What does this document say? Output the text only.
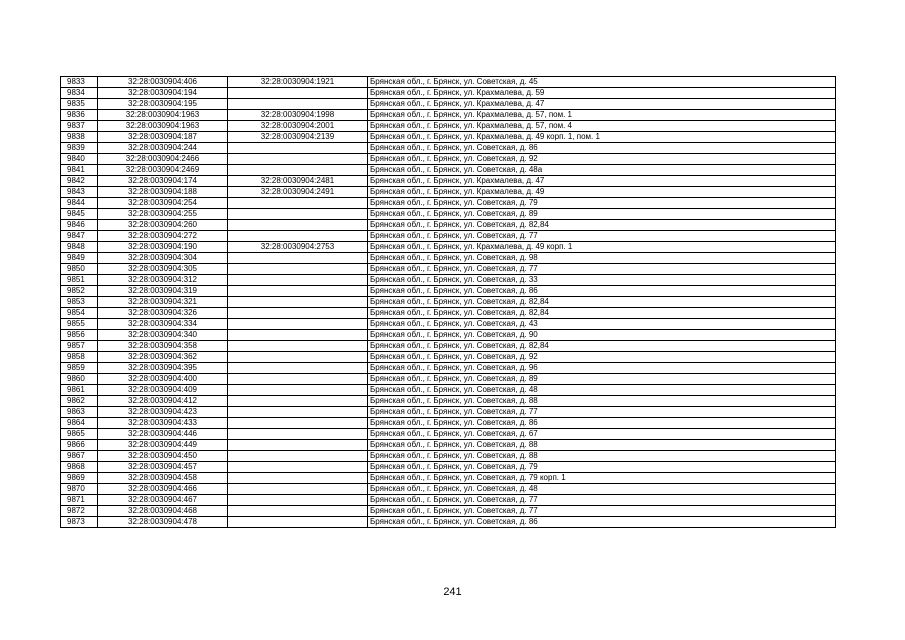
9833	32:28:0030904:406	32:28:0030904:1921	Брянская обл., г. Брянск, ул. Советская, д. 45
9834	32:28:0030904:194		Брянская обл., г. Брянск, ул. Крахмалева, д. 59
9835	32:28:0030904:195		Брянская обл., г. Брянск, ул. Крахмалева, д. 47
9836	32:28:0030904:1963	32:28:0030904:1998	Брянская обл., г. Брянск, ул. Крахмалева, д. 57, пом. 1
9837	32:28:0030904:1963	32:28:0030904:2001	Брянская обл., г. Брянск, ул. Крахмалева, д. 57, пом. 4
9838	32:28:0030904:187	32:28:0030904:2139	Брянская обл., г. Брянск, ул. Крахмалева, д. 49 корп. 1, пом. 1
9839	32:28:0030904:244		Брянская обл., г. Брянск, ул. Советская, д. 86
9840	32:28:0030904:2466		Брянская обл., г. Брянск, ул. Советская, д. 92
9841	32:28:0030904:2469		Брянская обл., г. Брянск, ул. Советская, д. 48а
9842	32:28:0030904:174	32:28:0030904:2481	Брянская обл., г. Брянск, ул. Крахмалева, д. 47
9843	32:28:0030904:188	32:28:0030904:2491	Брянская обл., г. Брянск, ул. Крахмалева, д. 49
9844	32:28:0030904:254		Брянская обл., г. Брянск, ул. Советская, д. 79
9845	32:28:0030904:255		Брянская обл., г. Брянск, ул. Советская, д. 89
9846	32:28:0030904:260		Брянская обл., г. Брянск, ул. Советская, д. 82,84
9847	32:28:0030904:272		Брянская обл., г. Брянск, ул. Советская, д. 77
9848	32:28:0030904:190	32:28:0030904:2753	Брянская обл., г. Брянск, ул. Крахмалева, д. 49 корп. 1
9849	32:28:0030904:304		Брянская обл., г. Брянск, ул. Советская, д. 98
9850	32:28:0030904:305		Брянская обл., г. Брянск, ул. Советская, д. 77
9851	32:28:0030904:312		Брянская обл., г. Брянск, ул. Советская, д. 33
9852	32:28:0030904:319		Брянская обл., г. Брянск, ул. Советская, д. 86
9853	32:28:0030904:321		Брянская обл., г. Брянск, ул. Советская, д. 82,84
9854	32:28:0030904:326		Брянская обл., г. Брянск, ул. Советская, д. 82,84
9855	32:28:0030904:334		Брянская обл., г. Брянск, ул. Советская, д. 43
9856	32:28:0030904:340		Брянская обл., г. Брянск, ул. Советская, д. 90
9857	32:28:0030904:358		Брянская обл., г. Брянск, ул. Советская, д. 82,84
9858	32:28:0030904:362		Брянская обл., г. Брянск, ул. Советская, д. 92
9859	32:28:0030904:395		Брянская обл., г. Брянск, ул. Советская, д. 96
9860	32:28:0030904:400		Брянская обл., г. Брянск, ул. Советская, д. 89
9861	32:28:0030904:409		Брянская обл., г. Брянск, ул. Советская, д. 48
9862	32:28:0030904:412		Брянская обл., г. Брянск, ул. Советская, д. 88
9863	32:28:0030904:423		Брянская обл., г. Брянск, ул. Советская, д. 77
9864	32:28:0030904:433		Брянская обл., г. Брянск, ул. Советская, д. 86
9865	32:28:0030904:446		Брянская обл., г. Брянск, ул. Советская, д. 67
9866	32:28:0030904:449		Брянская обл., г. Брянск, ул. Советская, д. 88
9867	32:28:0030904:450		Брянская обл., г. Брянск, ул. Советская, д. 88
9868	32:28:0030904:457		Брянская обл., г. Брянск, ул. Советская, д. 79
9869	32:28:0030904:458		Брянская обл., г. Брянск, ул. Советская, д. 79 корп. 1
9870	32:28:0030904:466		Брянская обл., г. Брянск, ул. Советская, д. 48
9871	32:28:0030904:467		Брянская обл., г. Брянск, ул. Советская, д. 77
9872	32:28:0030904:468		Брянская обл., г. Брянск, ул. Советская, д. 77
9873	32:28:0030904:478		Брянская обл., г. Брянск, ул. Советская, д. 86
241
